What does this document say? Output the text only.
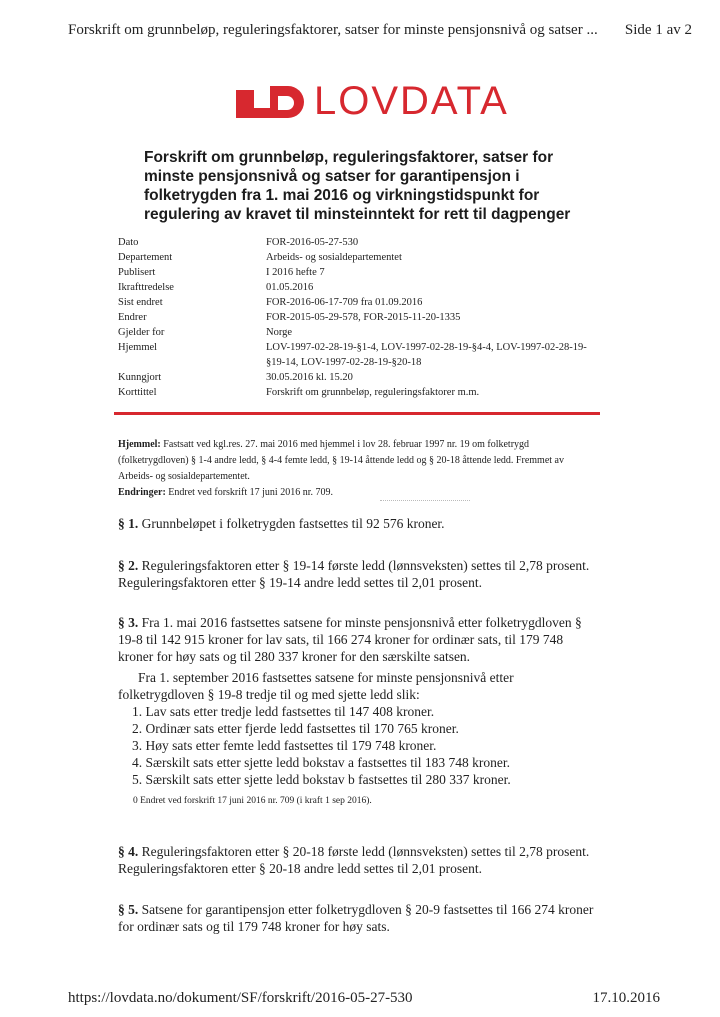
Forskrift om grunnbeløp, reguleringsfaktorer, satser for minste pensjonsnivå og satser ... Side 1 av 2
LOVDATA
Forskrift om grunnbeløp, reguleringsfaktorer, satser for minste pensjonsnivå og satser for garantipensjon i folketrygden fra 1. mai 2016 og virkningstidspunkt for regulering av kravet til minsteinntekt for rett til dagpenger
Dato	FOR-2016-05-27-530
Departement	Arbeids- og sosialdepartementet
Publisert	I 2016 hefte 7
Ikrafttredelse	01.05.2016
Sist endret	FOR-2016-06-17-709 fra 01.09.2016
Endrer	FOR-2015-05-29-578, FOR-2015-11-20-1335
Gjelder for	Norge
Hjemmel	LOV-1997-02-28-19-§1-4, LOV-1997-02-28-19-§4-4, LOV-1997-02-28-19-§19-14, LOV-1997-02-28-19-§20-18
Kunngjort	30.05.2016 kl. 15.20
Korttittel	Forskrift om grunnbeløp, reguleringsfaktorer m.m.
Hjemmel: Fastsatt ved kgl.res. 27. mai 2016 med hjemmel i lov 28. februar 1997 nr. 19 om folketrygd (folketrygdloven) § 1-4 andre ledd, § 4-4 femte ledd, § 19-14 åttende ledd og § 20-18 åttende ledd. Fremmet av Arbeids- og sosialdepartementet.
Endringer: Endret ved forskrift 17 juni 2016 nr. 709.
§ 1. Grunnbeløpet i folketrygden fastsettes til 92 576 kroner.
§ 2. Reguleringsfaktoren etter § 19-14 første ledd (lønnsveksten) settes til 2,78 prosent. Reguleringsfaktoren etter § 19-14 andre ledd settes til 2,01 prosent.
§ 3. Fra 1. mai 2016 fastsettes satsene for minste pensjonsnivå etter folketrygdloven § 19-8 til 142 915 kroner for lav sats, til 166 274 kroner for ordinær sats, til 179 748 kroner for høy sats og til 280 337 kroner for den særskilte satsen.
Fra 1. september 2016 fastsettes satsene for minste pensjonsnivå etter folketrygdloven § 19-8 tredje til og med sjette ledd slik:
1. Lav sats etter tredje ledd fastsettes til 147 408 kroner.
2. Ordinær sats etter fjerde ledd fastsettes til 170 765 kroner.
3. Høy sats etter femte ledd fastsettes til 179 748 kroner.
4. Særskilt sats etter sjette ledd bokstav a fastsettes til 183 748 kroner.
5. Særskilt sats etter sjette ledd bokstav b fastsettes til 280 337 kroner.
0 Endret ved forskrift 17 juni 2016 nr. 709 (i kraft 1 sep 2016).
§ 4. Reguleringsfaktoren etter § 20-18 første ledd (lønnsveksten) settes til 2,78 prosent. Reguleringsfaktoren etter § 20-18 andre ledd settes til 2,01 prosent.
§ 5. Satsene for garantipensjon etter folketrygdloven § 20-9 fastsettes til 166 274 kroner for ordinær sats og til 179 748 kroner for høy sats.
https://lovdata.no/dokument/SF/forskrift/2016-05-27-530	17.10.2016
